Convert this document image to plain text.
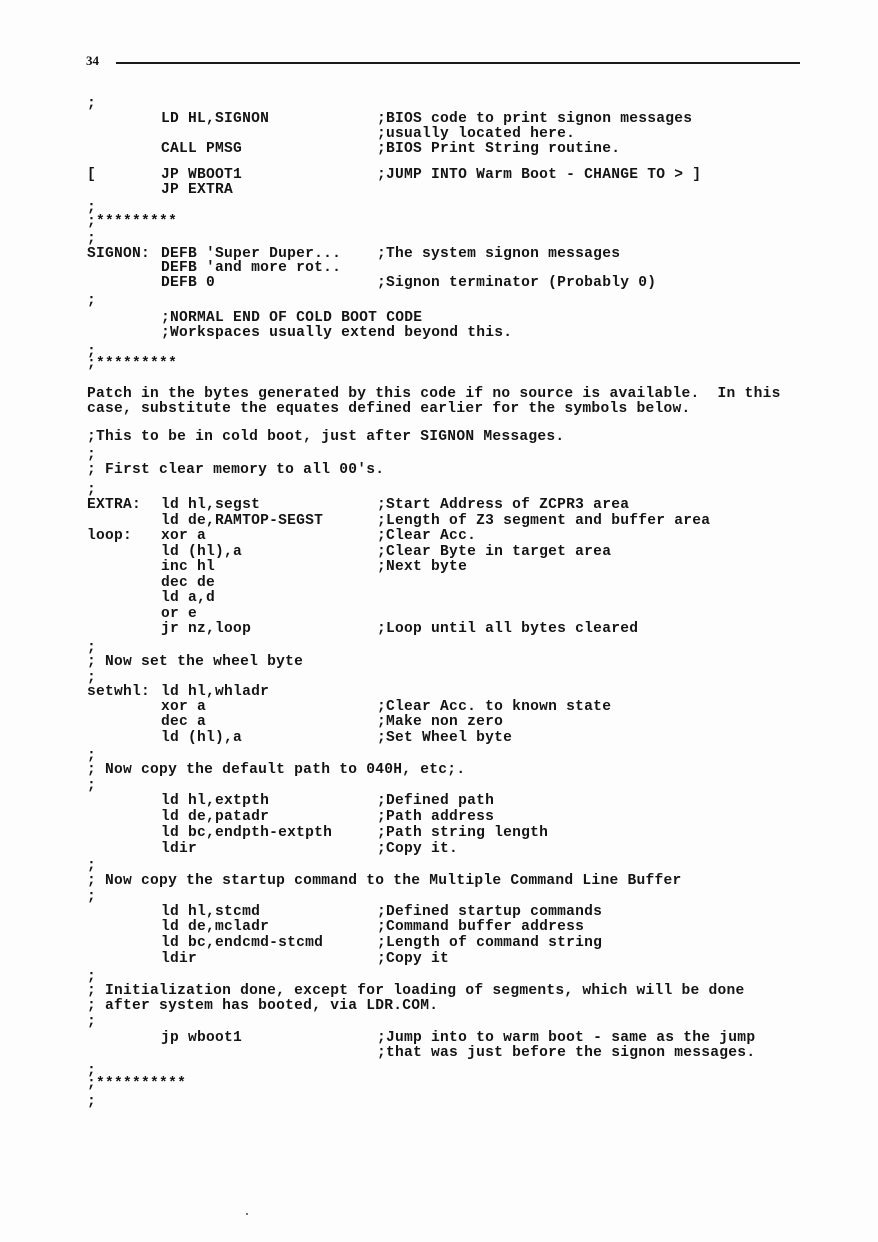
34
;
LD HL,SIGNON	;BIOS code to print signon messages
;usually located here.
CALL PMSG	;BIOS Print String routine.
[	JP WBOOT1	;JUMP INTO Warm Boot - CHANGE TO > ]
JP EXTRA
;
;*********
;
SIGNON: DEFB 'Super Duper... ;The system signon messages
DEFB 'and more rot..
DEFB 0	;Signon terminator (Probably 0)
;
;NORMAL END OF COLD BOOT CODE
;Workspaces usually extend beyond this.
;
;*********
Patch in the bytes generated by this code if no source is available.  In this
case, substitute the equates defined earlier for the symbols below.
;This to be in cold boot, just after SIGNON Messages.
;
; First clear memory to all 00's.
;
EXTRA: ld hl,segst	;Start Address of ZCPR3 area
ld de,RAMTOP-SEGST	;Length of Z3 segment and buffer area
loop: xor a	;Clear Acc.
ld (hl),a	;Clear Byte in target area
inc hl	;Next byte
dec de
ld a,d
or e
jr nz,loop	;Loop until all bytes cleared
;
; Now set the wheel byte
;
setwhl: ld hl,whladr
xor a	;Clear Acc. to known state
dec a	;Make non zero
ld (hl),a	;Set Wheel byte
;
; Now copy the default path to 040H, etc;.
;
ld hl,extpth	;Defined path
ld de,patadr	;Path address
ld bc,endpth-extpth	;Path string length
ldir	;Copy it.
;
; Now copy the startup command to the Multiple Command Line Buffer
;
ld hl,stcmd	;Defined startup commands
ld de,mcladr	;Command buffer address
ld bc,endcmd-stcmd	;Length of command string
ldir	;Copy it
;
; Initialization done, except for loading of segments, which will be done
; after system has booted, via LDR.COM.
;
jp wboot1	;Jump into to warm boot - same as the jump
;that was just before the signon messages.
;
;**********
;
